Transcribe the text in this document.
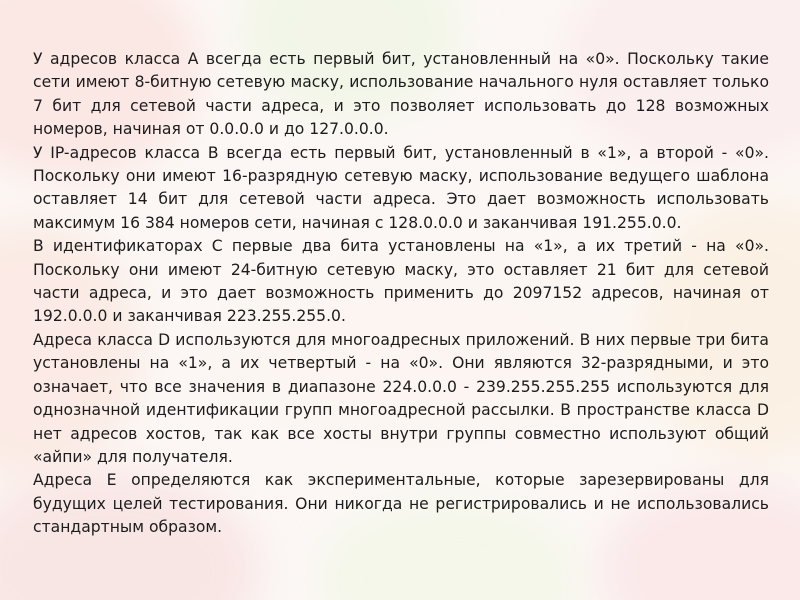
У адресов класса A всегда есть первый бит, установленный на «0». Поскольку такие сети имеют 8-битную сетевую маску, использование начального нуля оставляет только 7 бит для сетевой части адреса, и это позволяет использовать до 128 возможных номеров, начиная от 0.0.0.0 и до 127.0.0.0.

У IP-адресов класса B всегда есть первый бит, установленный в «1», а второй - «0». Поскольку они имеют 16-разрядную сетевую маску, использование ведущего шаблона оставляет 14 бит для сетевой части адреса. Это дает возможность использовать максимум 16 384 номеров сети, начиная с 128.0.0.0 и заканчивая 191.255.0.0.

В идентификаторах C первые два бита установлены на «1», а их третий - на «0». Поскольку они имеют 24-битную сетевую маску, это оставляет 21 бит для сетевой части адреса, и это дает возможность применить до 2097152 адресов, начиная от 192.0.0.0 и заканчивая 223.255.255.0.

Адреса класса D используются для многоадресных приложений. В них первые три бита установлены на «1», а их четвертый - на «0». Они являются 32-разрядными, и это означает, что все значения в диапазоне 224.0.0.0 - 239.255.255.255 используются для однозначной идентификации групп многоадресной рассылки. В пространстве класса D нет адресов хостов, так как все хосты внутри группы совместно используют общий «айпи» для получателя.

Адреса E определяются как экспериментальные, которые зарезервированы для будущих целей тестирования. Они никогда не регистрировались и не использовались стандартным образом.
